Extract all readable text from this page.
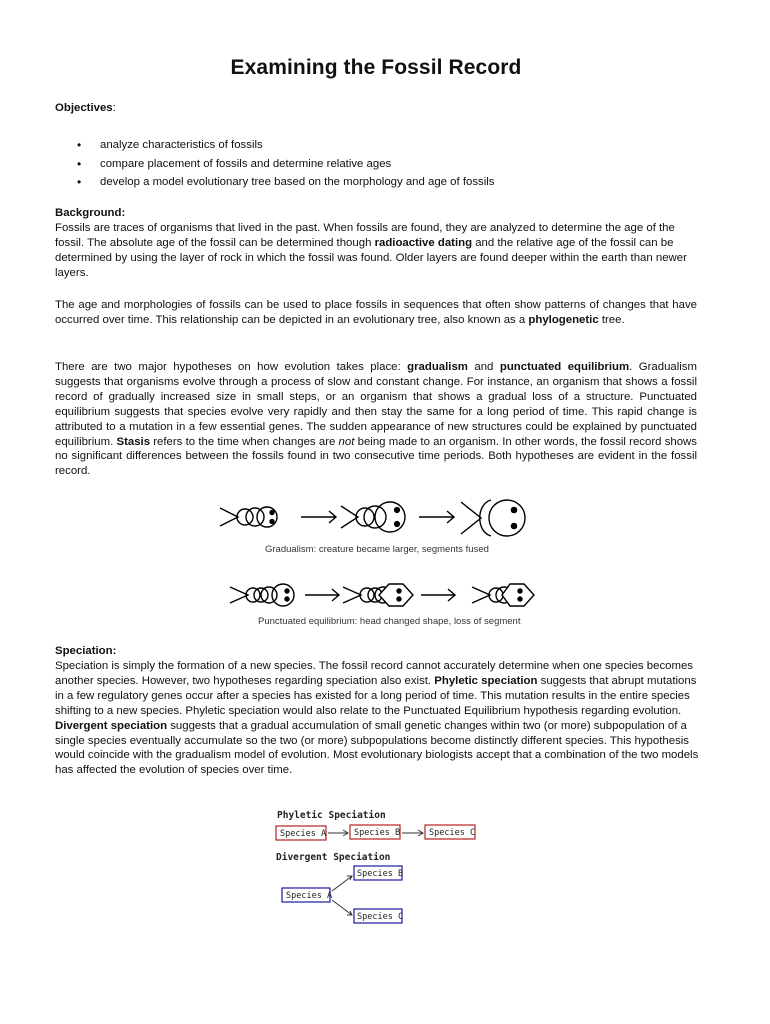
Examining the Fossil Record

Objectives:

• analyze characteristics of fossils
• compare placement of fossils and determine relative ages
• develop a model evolutionary tree based on the morphology and age of fossils

Background:

Fossils are traces of organisms that lived in the past. When fossils are found, they are analyzed to determine the age of the fossil. The absolute age of the fossil can be determined though radioactive dating and the relative age of the fossil can be determined by using the layer of rock in which the fossil was found. Older layers are found deeper within the earth than newer layers.

The age and morphologies of fossils can be used to place fossils in sequences that often show patterns of changes that have occurred over time. This relationship can be depicted in an evolutionary tree, also known as a phylogenetic tree.

There are two major hypotheses on how evolution takes place: gradualism and punctuated equilibrium. Gradualism suggests that organisms evolve through a process of slow and constant change. For instance, an organism that shows a fossil record of gradually increased size in small steps, or an organism that shows a gradual loss of a structure. Punctuated equilibrium suggests that species evolve very rapidly and then stay the same for a long period of time. This rapid change is attributed to a mutation in a few essential genes. The sudden appearance of new structures could be explained by punctuated equilibrium. Stasis refers to the time when changes are not being made to an organism. In other words, the fossil record shows no significant differences between the fossils found in two consecutive time periods. Both hypotheses are evident in the fossil record.

Gradualism: creature became larger, segments fused
Punctuated equilibrium: head changed shape, loss of segment

Speciation:

Speciation is simply the formation of a new species. The fossil record cannot accurately determine when one species becomes another species. However, two hypotheses regarding speciation also exist. Phyletic speciation suggests that abrupt mutations in a few regulatory genes occur after a species has existed for a long period of time. This mutation results in the entire species shifting to a new species. Phyletic speciation would also relate to the Punctuated Equilibrium hypothesis regarding evolution. Divergent speciation suggests that a gradual accumulation of small genetic changes within two (or more) subpopulation of a single species eventually accumulate so the two (or more) subpopulations become distinctly different species. This hypothesis would coincide with the gradualism model of evolution. Most evolutionary biologists accept that a combination of the two models has affected the evolution of species over time.

Phyletic Speciation
Species A	Species B	Species C
Divergent Speciation
Species B
Species A
Species C
